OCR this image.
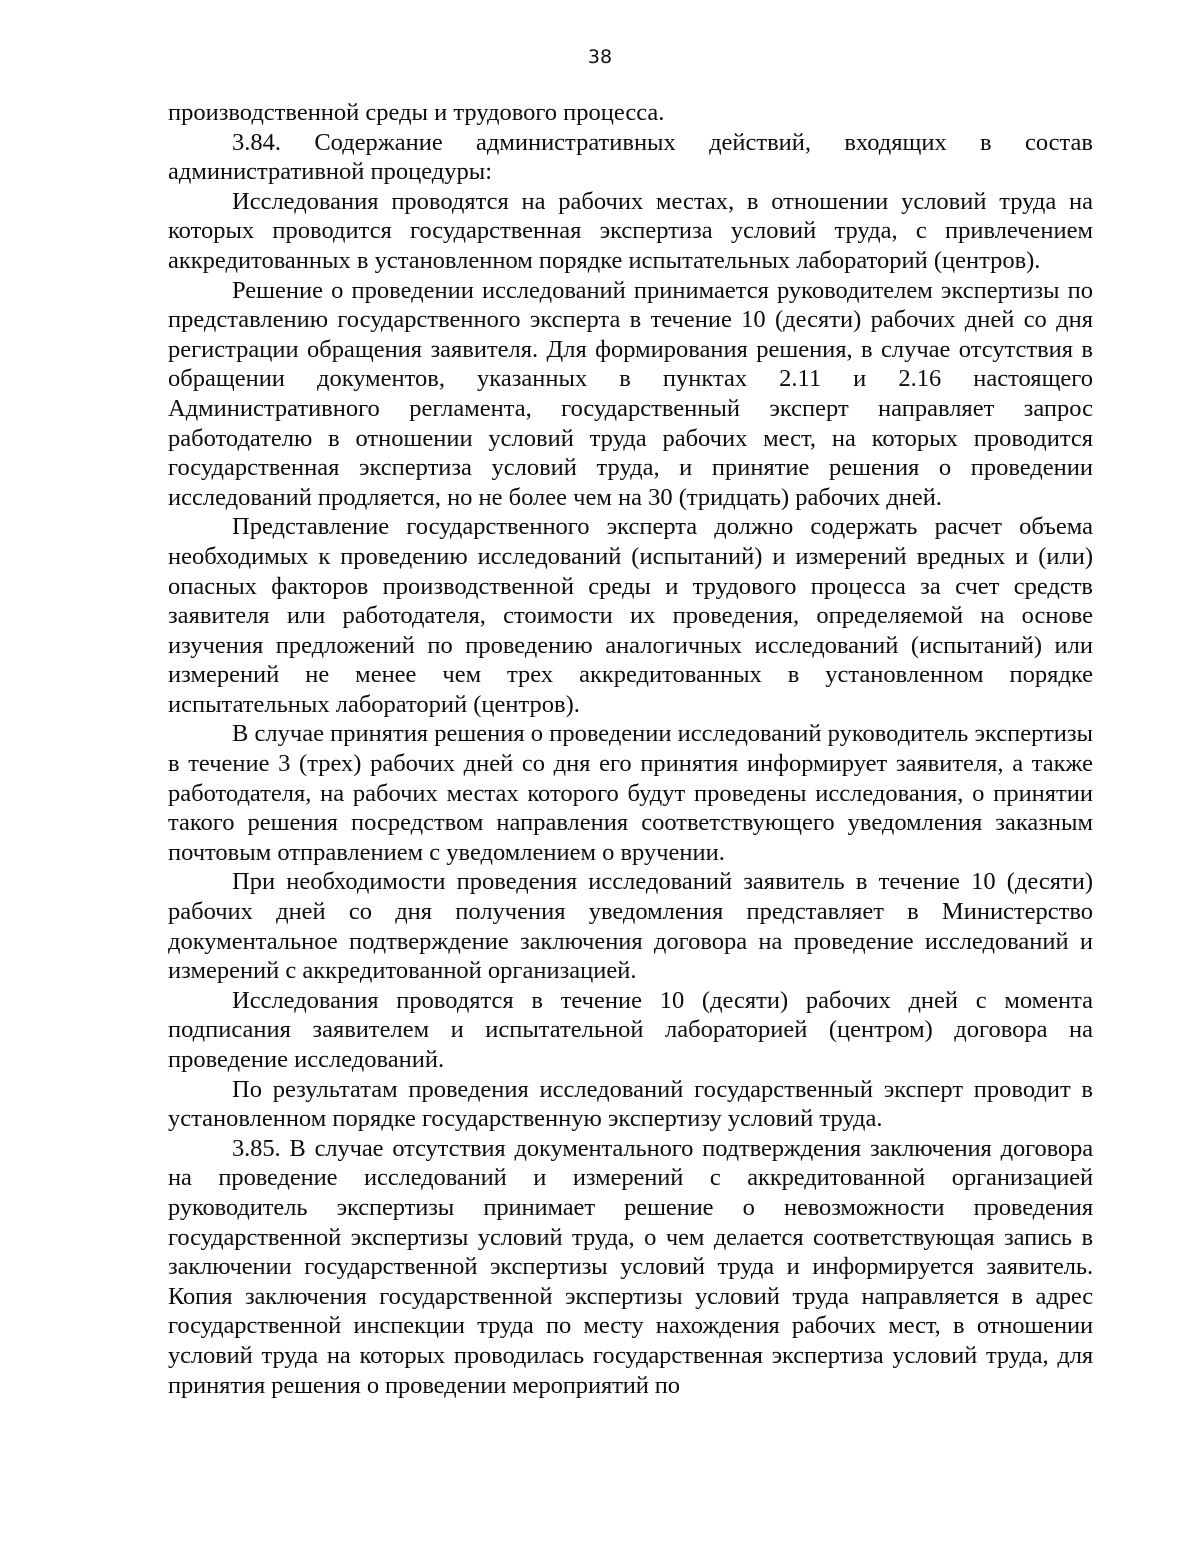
38

производственной среды и трудового процесса.

3.84. Содержание административных действий, входящих в состав административной процедуры:

Исследования проводятся на рабочих местах, в отношении условий труда на которых проводится государственная экспертиза условий труда, с привлечением аккредитованных в установленном порядке испытательных лабораторий (центров).

Решение о проведении исследований принимается руководителем экспертизы по представлению государственного эксперта в течение 10 (десяти) рабочих дней со дня регистрации обращения заявителя. Для формирования решения, в случае отсутствия в обращении документов, указанных в пунктах 2.11 и 2.16 настоящего Административного регламента, государственный эксперт направляет запрос работодателю в отношении условий труда рабочих мест, на которых проводится государственная экспертиза условий труда, и принятие решения о проведении исследований продляется, но не более чем на 30 (тридцать) рабочих дней.

Представление государственного эксперта должно содержать расчет объема необходимых к проведению исследований (испытаний) и измерений вредных и (или) опасных факторов производственной среды и трудового процесса за счет средств заявителя или работодателя, стоимости их проведения, определяемой на основе изучения предложений по проведению аналогичных исследований (испытаний) или измерений не менее чем трех аккредитованных в установленном порядке испытательных лабораторий (центров).

В случае принятия решения о проведении исследований руководитель экспертизы в течение 3 (трех) рабочих дней со дня его принятия информирует заявителя, а также работодателя, на рабочих местах которого будут проведены исследования, о принятии такого решения посредством направления соответствующего уведомления заказным почтовым отправлением с уведомлением о вручении.

При необходимости проведения исследований заявитель в течение 10 (десяти) рабочих дней со дня получения уведомления представляет в Министерство документальное подтверждение заключения договора на проведение исследований и измерений с аккредитованной организацией.

Исследования проводятся в течение 10 (десяти) рабочих дней с момента подписания заявителем и испытательной лабораторией (центром) договора на проведение исследований.

По результатам проведения исследований государственный эксперт проводит в установленном порядке государственную экспертизу условий труда.

3.85. В случае отсутствия документального подтверждения заключения договора на проведение исследований и измерений с аккредитованной организацией руководитель экспертизы принимает решение о невозможности проведения государственной экспертизы условий труда, о чем делается соответствующая запись в заключении государственной экспертизы условий труда и информируется заявитель. Копия заключения государственной экспертизы условий труда направляется в адрес государственной инспекции труда по месту нахождения рабочих мест, в отношении условий труда на которых проводилась государственная экспертиза условий труда, для принятия решения о проведении мероприятий по
